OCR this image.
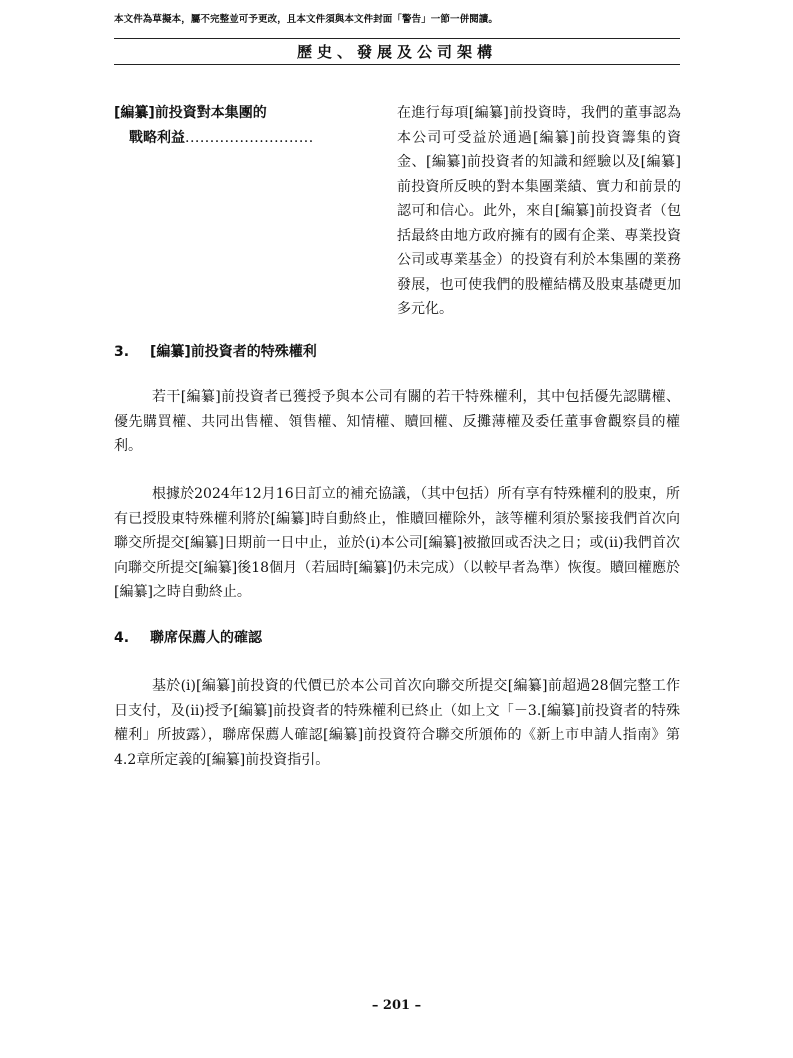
本文件為草擬本，屬不完整並可予更改，且本文件須與本文件封面「警告」一節一併閱讀。
歷史、發展及公司架構
[編纂]前投資對本集團的
戰略利益..........................
在進行每項[編纂]前投資時，我們的董事認為本公司可受益於通過[編纂]前投資籌集的資金、[編纂]前投資者的知識和經驗以及[編纂]前投資所反映的對本集團業績、實力和前景的認可和信心。此外，來自[編纂]前投資者（包括最終由地方政府擁有的國有企業、專業投資公司或專業基金）的投資有利於本集團的業務發展，也可使我們的股權結構及股東基礎更加多元化。
3. [編纂]前投資者的特殊權利
若干[編纂]前投資者已獲授予與本公司有關的若干特殊權利，其中包括優先認購權、優先購買權、共同出售權、領售權、知情權、贖回權、反攤薄權及委任董事會觀察員的權利。
根據於2024年12月16日訂立的補充協議，（其中包括）所有享有特殊權利的股東，所有已授股東特殊權利將於[編纂]時自動終止，惟贖回權除外，該等權利須於緊接我們首次向聯交所提交[編纂]日期前一日中止，並於(i)本公司[編纂]被撤回或否決之日；或(ii)我們首次向聯交所提交[編纂]後18個月（若屆時[編纂]仍未完成）（以較早者為準）恢復。贖回權應於[編纂]之時自動終止。
4. 聯席保薦人的確認
基於(i)[編纂]前投資的代價已於本公司首次向聯交所提交[編纂]前超過28個完整工作日支付，及(ii)授予[編纂]前投資者的特殊權利已終止（如上文「－3.[編纂]前投資者的特殊權利」所披露），聯席保薦人確認[編纂]前投資符合聯交所頒佈的《新上市申請人指南》第4.2章所定義的[編纂]前投資指引。
– 201 –
